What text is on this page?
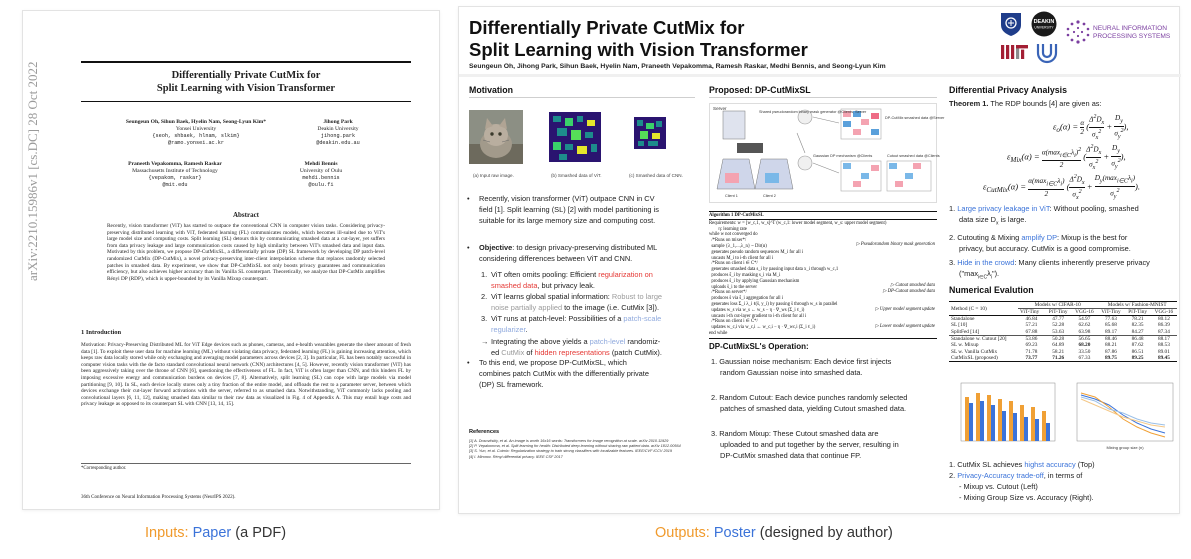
arXiv:2210.15986v1 [cs.DC] 28 Oct 2022	Differentially Private CutMix for
Split Learning with Vision Transformer
Seungeun Oh, Sihun Baek, Hyelin Nam, Seong-Lyun Kim*
Yonsei University
{seoh, shbaek, hlnam, slkim}
@ramo.yonsei.ac.kr
Jihong Park
Deakin University
jihong.park
@deakin.edu.au
Praneeth Vepakomma, Ramesh Raskar
Massachusetts Institute of Technology
{vepakom, raskar}
@mit.edu
Mehdi Bennis
University of Oulu
mehdi.bennis
@oulu.fi
Abstract
Recently, vision transformer (ViT) has started to outpace the conventional CNN in computer vision tasks. Considering privacy-preserving distributed learning with ViT, federated learning (FL) communicates models, which becomes ill-suited due to ViT's large model size and computing costs. Split learning (SL) detours this by communicating smashed data at a cut-layer, yet suffers from data privacy leakage and large communication costs caused by high similarity between ViT's smashed data and input data. Motivated by this problem, we propose DP-CutMixSL, a differentially private (DP) SL framework by developing DP patch-level randomized CutMix (DP-CutMix), a novel privacy-preserving inter-client interpolation scheme that replaces randomly selected patches in smashed data. By experiment, we show that DP-CutMixSL not only boosts privacy guarantees and communication efficiency, but also achieves higher accuracy than its Vanilla SL counterpart. Theoretically, we analyze that DP-CutMix amplifies Rényi DP (RDP), which is upper-bounded by its Vanilla Mixup counterpart.
1 Introduction
Motivation: Privacy-Preserving Distributed ML for ViT Edge devices such as phones, cameras, and e-health wearables generate the sheer amount of fresh data [1]. To exploit these user data for machine learning (ML) without violating data privacy, federated learning (FL) is gaining increasing attention, which keeps raw data locally stored while only exchanging and averaging model parameters across devices [2, 3]. In particular, FL has been notably successful in computer vision tasks with the de facto standard convolutional neural network (CNN) architectures [4, 5]. However, recently vision transformer (ViT) has been aggressively taking over the throne of CNN [6], questioning the effectiveness of FL. In fact, ViT is often larger than CNN, and this hinders FL by imposing excessive energy and communication burdens on devices [7, 8]. Alternatively, split learning (SL) can cope with large models via model partitioning [9, 10]. In SL, each device locally stores only a tiny fraction of the entire model, and offloads the rest to a parameter server, between which devices exchange their cut-layer forward activations with the server, referred to as smashed data. Notwithstanding, ViT commonly lacks pooling and convolutional layers [6, 11, 12], making smashed data similar to their raw data as visualized in Fig. 4 of Appendix A. This may entail huge costs and privacy leakage as opposed to its counterpart SL with CNN [13, 14, 15].
*Corresponding author.
36th Conference on Neural Information Processing Systems (NeurIPS 2022).
Differentially Private CutMix for
Split Learning with Vision Transformer
Seungeun Oh, Jihong Park, Sihun Baek, Hyelin Nam, Praneeth Vepakomma, Ramesh Raskar, Medhi Bennis, and Seong-Lyun Kim
DEAKIN
UNIVERSITY	NEURAL INFORMATION
PROCESSING SYSTEMS
Motivation
(a) Input raw image.	(b) Smashed data of ViT.	(c) Smashed data of CNN.
• Recently, vision transformer (ViT) outpace CNN in CV
field [1]. Split learning (SL) [2] with model partitioning is
suitable for its large memory size and computing cost.
• Objective: to design privacy-preserving distributed ML
considering differences between ViT and CNN.
1. ViT often omits pooling: Efficient regularization on
smashed data, but privacy leak.
2. ViT learns global spatial information: Robust to large
noise partially applied to the image (i.e. CutMix [3]).
3. ViT runs at patch-level: Possibilities of a patch-scale
regularizer.
→ Integrating the above yields a patch-level randomiz-
ed CutMix of hidden representations (patch CutMix).
• To this end, we propose DP-CutMixSL, which
combines patch CutMix with the differentially private
(DP) SL framework.
References
[1] A. Dosovitskiy, et al. An image is worth 16x16 words: Transformers for image recognition at scale. arXiv 2010.11929
[2] P. Vepakomma, et al. Split learning for health: Distributed deep learning without sharing raw patient data. arXiv 1812.00564
[3] S. Yun, et al. Cutmix: Regularization strategy to train strong classifiers with localizable features. IEEE/CVF ICCV 2019
[4] I. Mironov. Rényi differential privacy. IEEE CSF 2017
Proposed: DP-CutMixSL
Server
Shared pseudorandom binary mask generator @Clients, Server
DP-CutMix smashed data @Server
Gaussian DP mechanism @Clients	Cutout smashed data @Clients
Client 1	Client 2
Algorithm 1 DP-CutMixSL
Requirements: w = [w_c,1, w_s]^T (w_c,1: lower model segment, w_s: upper model segment)
η: learning rate
while w not converged do
/*Runs on mixer*/
sample {λ_1,...,λ_n} ~ Dir(α)
generates pseudo random sequences M_i for all i
uncasts M_i to i-th client for all i
/*Runs on client i ∈ C*/
generates smashed data s_i by passing input data x_i through w_c,1
produces s̃_i by masking s_i via M_i
produces ŝ_i by applying Gaussian mechanism
uploads ŝ_i to the server
/*Runs on server*/
produces ŝ via s̃_i aggregation for all i
generates loss Σ_i λ_i ℓ(ŝ, y_i) by passing ŝ through w_s in parallel
updates w_s via w_s ← w_s − η · ∇_ws (Σ_i ℓ_i)
uncasts i-th cut-layer gradient to i-th client for all i
/*Runs on client i ∈ C*/
updates w_c,i via w_c,i ← w_c,i − η · ∇_wc,i (Σ_i ℓ_i)
end while
▷ Pseudorandom binary mask generation
▷ Cutout smashed data
▷ DP-Cutout smashed data
▷ Upper model segment update
▷ Lower model segment update
DP-CutMixSL's Operation:
1. Gaussian noise mechanism: Each device first injects
random Gaussian noise into smashed data.
2. Random Cutout: Each device punches randomly selected
patches of smashed data, yielding Cutout smashed data.
3. Random Mixup: These Cutout smashed data are
uploaded to and put together by the server, resulting in
DP-CutMix smashed data that continue FP.
Differential Privacy Analysis
Theorem 1. The RDP bounds [4] are given as:
$\varepsilon_o(\alpha) = \frac{\alpha}{2}$ ( $\frac{\Delta^2D_x}{\sigma_x^2} + \frac{D_y}{\sigma_y^2}$ ),
$\varepsilon_{Mix}(\alpha) = \frac{\alpha(\max_{i\in C}\lambda_i)^2}{2}$ ( $\frac{\Delta^2D_x}{\sigma_x^2} + \frac{D_y}{\sigma_y^2}$ ),
$\varepsilon_{CutMix}(\alpha) = \frac{\alpha(\max_{i\in C}\lambda_i)}{2}$ ( $\frac{\Delta^2D_x}{\sigma_x^2} + \frac{D_y(\max_{i\in C}\lambda_i)}{\sigma_y^2}$ ).
1. Large privacy leakage in ViT: Without pooling, smashed
data size $D_x$ is large.
2. Cutouting & Mixing amplify DP: Mixup is the best for
privacy, but accuracy. CutMix is a good compromise.
3. Hide in the crowd: Many clients inherently preserve privacy
$("\max_{i\in C}\lambda_i")$.
Numerical Evalution
Method (C = 10)	Models w/ CIFAR-10			Models w/ Fashion-MNIST		
	ViT-Tiny	PiT-Tiny	VGG-16	ViT-Tiny	PiT-Tiny	VGG-16
Standalone	46.84	47.77	54.97	77.63	78.21	80.12
SL [10]	57.21	52.28	62.62	85.68	82.35	86.39
SplitFed [14]	67.88	53.63	63.98	89.17	84.27	87.34
Standalone w. Cutout [20]	53.86	50.28	56.65	88.46	86.48	88.17
SL w. Mixup	69.23	64.89	68.20	88.21	87.62	88.53
SL w. Vanilla CutMix	71.78	58.21	33.50	87.86	86.51	89.01
CutMixSL (proposed)	73.77	71.26	67.33	89.75	89.25	89.45
Mixing group size (n)
1. CutMix SL achieves highst accuracy (Top)
2. Privacy-Accuracy trade-off, in terms of
- Mixup vs. Cutout (Left)
- Mixing Group Size vs. Accuracy (Right).
Inputs: Paper (a PDF)	Outputs: Poster (designed by author)
